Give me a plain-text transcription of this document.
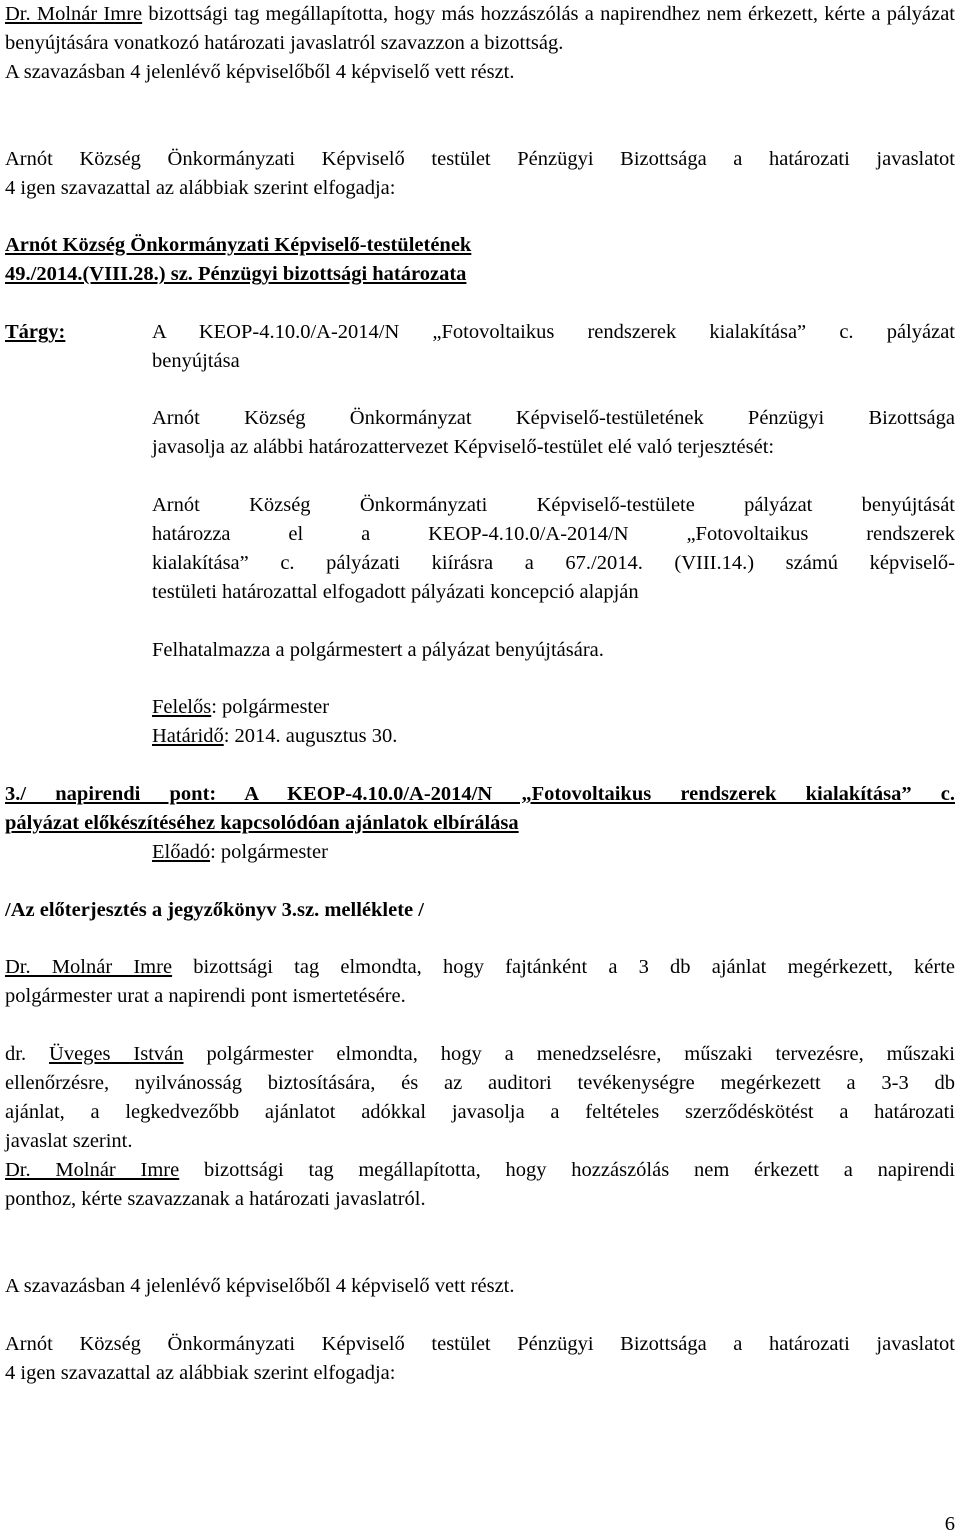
Dr. Molnár Imre bizottsági tag megállapította, hogy más hozzászólás a napirendhez nem érkezett, kérte a pályázat benyújtására vonatkozó határozati javaslatról szavazzon a bizottság.

A szavazásban 4 jelenlévő képviselőből 4 képviselő vett részt.

Arnót Község Önkormányzati Képviselő testület Pénzügyi Bizottsága a határozati javaslatot
4 igen szavazattal az alábbiak szerint elfogadja:

Arnót Község Önkormányzati Képviselő-testületének
49./2014.(VIII.28.) sz. Pénzügyi bizottsági határozata

Tárgy:	A KEOP-4.10.0/A-2014/N „Fotovoltaikus rendszerek kialakítása” c. pályázat
benyújtása

Arnót Község Önkormányzat Képviselő-testületének Pénzügyi Bizottsága
javasolja az alábbi határozattervezet Képviselő-testület elé való terjesztését:

Arnót Község Önkormányzati Képviselő-testülete pályázat benyújtását
határozza el a KEOP-4.10.0/A-2014/N „Fotovoltaikus rendszerek
kialakítása” c. pályázati kiírásra a 67./2014. (VIII.14.) számú képviselő-
testületi határozattal elfogadott pályázati koncepció alapján

Felhatalmazza a polgármestert a pályázat benyújtására.

Felelős: polgármester
Határidő: 2014. augusztus 30.

3./ napirendi pont: A KEOP-4.10.0/A-2014/N „Fotovoltaikus rendszerek kialakítása” c.
pályázat előkészítéséhez kapcsolódóan ajánlatok elbírálása

Előadó: polgármester

/Az előterjesztés a jegyzőkönyv 3.sz. melléklete /

Dr. Molnár Imre bizottsági tag elmondta, hogy fajtánként a 3 db ajánlat megérkezett, kérte
polgármester urat a napirendi pont ismertetésére.

dr. Üveges István polgármester elmondta, hogy a menedzselésre, műszaki tervezésre, műszaki
ellenőrzésre, nyilvánosság biztosítására, és az auditori tevékenységre megérkezett a 3-3 db
ajánlat, a legkedvezőbb ajánlatot adókkal javasolja a feltételes szerződéskötést a határozati
javaslat szerint.

Dr. Molnár Imre bizottsági tag megállapította, hogy hozzászólás nem érkezett a napirendi
ponthoz, kérte szavazzanak a határozati javaslatról.

A szavazásban 4 jelenlévő képviselőből 4 képviselő vett részt.

Arnót Község Önkormányzati Képviselő testület Pénzügyi Bizottsága a határozati javaslatot
4 igen szavazattal az alábbiak szerint elfogadja:

6
